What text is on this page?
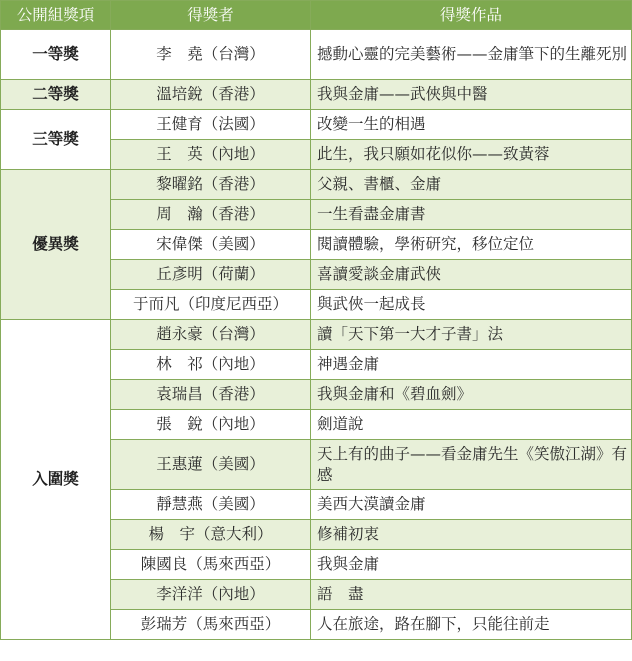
公開組獎項	得獎者	得獎作品
一等獎	李　堯（台灣）	撼動心靈的完美藝術——金庸筆下的生離死別
二等獎	溫培銳（香港）	我與金庸——武俠與中醫
三等獎	王健育（法國）	改變一生的相遇
	王　英（內地）	此生，我只願如花似你——致黃蓉
優異獎	黎曜銘（香港）	父親、書櫃、金庸
	周　瀚（香港）	一生看盡金庸書
	宋偉傑（美國）	閱讀體驗，學術研究，移位定位
	丘彥明（荷蘭）	喜讀愛談金庸武俠
	于而凡（印度尼西亞）	與武俠一起成長
入圍獎	趙永豪（台灣）	讀「天下第一大才子書」法
	林　祁（內地）	神遇金庸
	袁瑞昌（香港）	我與金庸和《碧血劍》
	張　銳（內地）	劍道說
	王惠蓮（美國）	天上有的曲子——看金庸先生《笑傲江湖》有感
	靜慧燕（美國）	美西大漠讀金庸
	楊　宇（意大利）	修補初衷
	陳國良（馬來西亞）	我與金庸
	李洋洋（內地）	語　盡
	彭瑞芳（馬來西亞）	人在旅途，路在腳下，只能往前走
